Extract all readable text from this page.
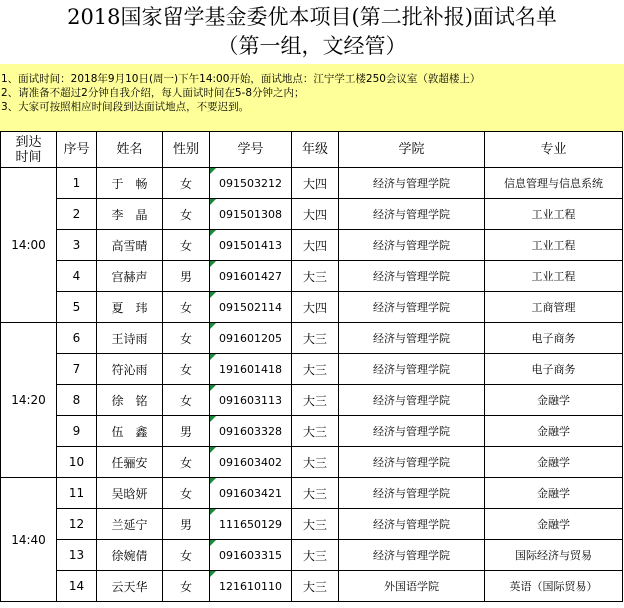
2018国家留学基金委优本项目(第二批补报)面试名单
（第一组，文经管）
1、面试时间：2018年9月10日(周一)下午14:00开始，面试地点：江宁学工楼250会议室（敦超楼上）
2、请准备不超过2分钟自我介绍，每人面试时间在5-8分钟之内；
3、大家可按照相应时间段到达面试地点，不要迟到。
到达
时间	序号	姓名	性别	学号	年级	学院	专业
14:00	1	于　畅	女	091503212	大四	经济与管理学院	信息管理与信息系统
	2	李　晶	女	091501308	大四	经济与管理学院	工业工程
	3	高雪晴	女	091501413	大四	经济与管理学院	工业工程
	4	宫赫声	男	091601427	大三	经济与管理学院	工业工程
	5	夏　玮	女	091502114	大四	经济与管理学院	工商管理
14:20	6	王诗雨	女	091601205	大三	经济与管理学院	电子商务
	7	符沁雨	女	191601418	大三	经济与管理学院	电子商务
	8	徐　铭	女	091603113	大三	经济与管理学院	金融学
	9	伍　鑫	男	091603328	大三	经济与管理学院	金融学
	10	任骊安	女	091603402	大三	经济与管理学院	金融学
14:40	11	吴晗妍	女	091603421	大三	经济与管理学院	金融学
	12	兰延宁	男	111650129	大三	经济与管理学院	金融学
	13	徐婉倩	女	091603315	大三	经济与管理学院	国际经济与贸易
	14	云天华	女	121610110	大三	外国语学院	英语（国际贸易）
